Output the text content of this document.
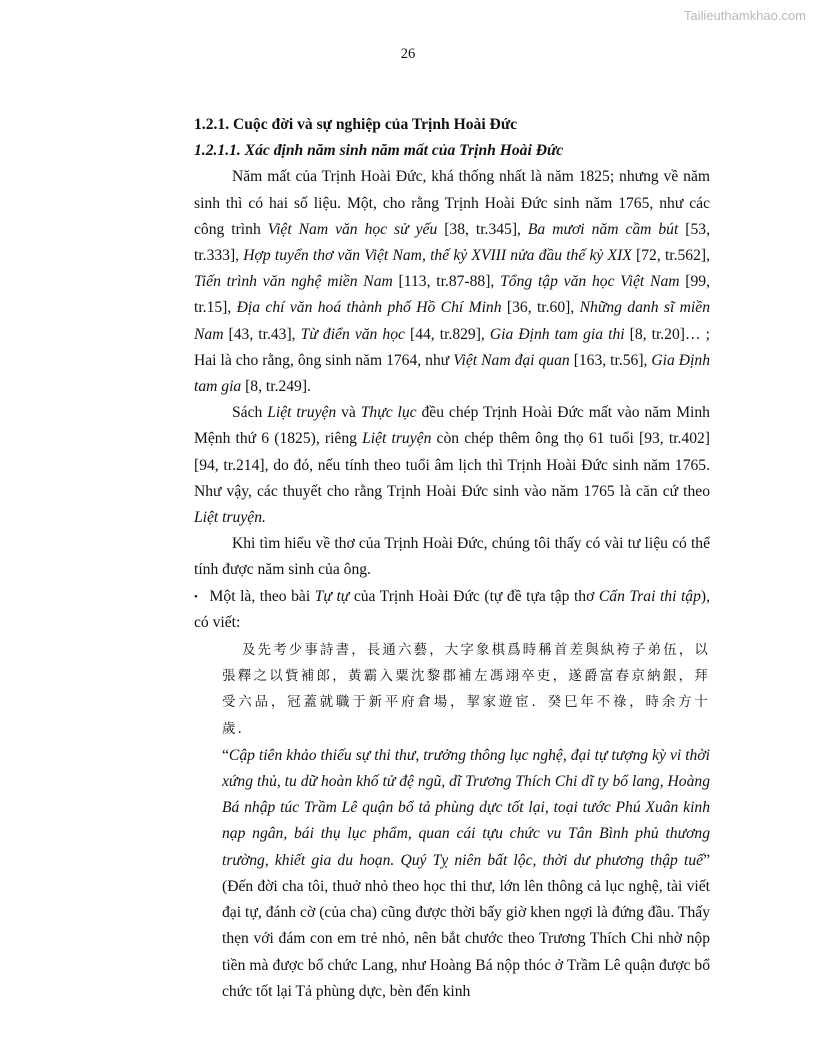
Tailieuthamkhao.com
26

1.2.1. Cuộc đời và sự nghiệp của Trịnh Hoài Đức

1.2.1.1. Xác định năm sinh năm mất của Trịnh Hoài Đức

Năm mất của Trịnh Hoài Đức, khá thống nhất là năm 1825; nhưng về năm sinh thì có hai số liệu. Một, cho rằng Trịnh Hoài Đức sinh năm 1765, như các công trình Việt Nam văn học sử yếu [38, tr.345], Ba mươi năm cầm bút [53, tr.333], Hợp tuyển thơ văn Việt Nam, thế kỷ XVIII nửa đầu thế kỷ XIX [72, tr.562], Tiến trình văn nghệ miền Nam [113, tr.87-88], Tổng tập văn học Việt Nam [99, tr.15], Địa chí văn hoá thành phố Hồ Chí Minh [36, tr.60], Những danh sĩ miền Nam [43, tr.43], Từ điển văn học [44, tr.829], Gia Định tam gia thi [8, tr.20]… ; Hai là cho rằng, ông sinh năm 1764, như Việt Nam đại quan [163, tr.56], Gia Định tam gia [8, tr.249].

Sách Liệt truyện và Thực lục đều chép Trịnh Hoài Đức mất vào năm Minh Mệnh thứ 6 (1825), riêng Liệt truyện còn chép thêm ông thọ 61 tuổi [93, tr.402] [94, tr.214], do đó, nếu tính theo tuổi âm lịch thì Trịnh Hoài Đức sinh năm 1765. Như vậy, các thuyết cho rằng Trịnh Hoài Đức sinh vào năm 1765 là căn cứ theo Liệt truyện.

Khi tìm hiểu về thơ của Trịnh Hoài Đức, chúng tôi thấy có vài tư liệu có thể tính được năm sinh của ông.

• Một là, theo bài Tự tự của Trịnh Hoài Đức (tự đề tựa tập thơ Cấn Trai thi tập), có viết:

及先考少事詩書，長通六藝，大字象棋爲時稱首差與紈袴子弟伍，以張釋之以貲補郎，黃霸入粟沈黎郡補左馮翊卒吏，遂爵富春京納銀，拜受六品，冠蓋就職于新平府倉場，挈家遊宦．癸巳年不祿，時余方十歲．

“Cập tiên khảo thiếu sự thi thư, trưởng thông lục nghệ, đại tự tượng kỳ vi thời xứng thủ, tu dữ hoàn khố tử đệ ngũ, dĩ Trương Thích Chi dĩ ty bổ lang, Hoàng Bá nhập túc Trầm Lê quận bổ tả phùng dực tốt lại, toại tước Phú Xuân kinh nạp ngân, bái thụ lục phẩm, quan cái tựu chức vu Tân Bình phủ thương trường, khiết gia du hoạn. Quý Tỵ niên bất lộc, thời dư phương thập tuế” (Đến đời cha tôi, thuở nhỏ theo học thi thư, lớn lên thông cả lục nghệ, tài viết đại tự, đánh cờ (của cha) cũng được thời bấy giờ khen ngợi là đứng đầu. Thấy thẹn với đám con em trẻ nhỏ, nên bắt chước theo Trương Thích Chi nhờ nộp tiền mà được bổ chức Lang, như Hoàng Bá nộp thóc ở Trầm Lê quận được bổ chức tốt lại Tả phùng dực, bèn đến kinh
